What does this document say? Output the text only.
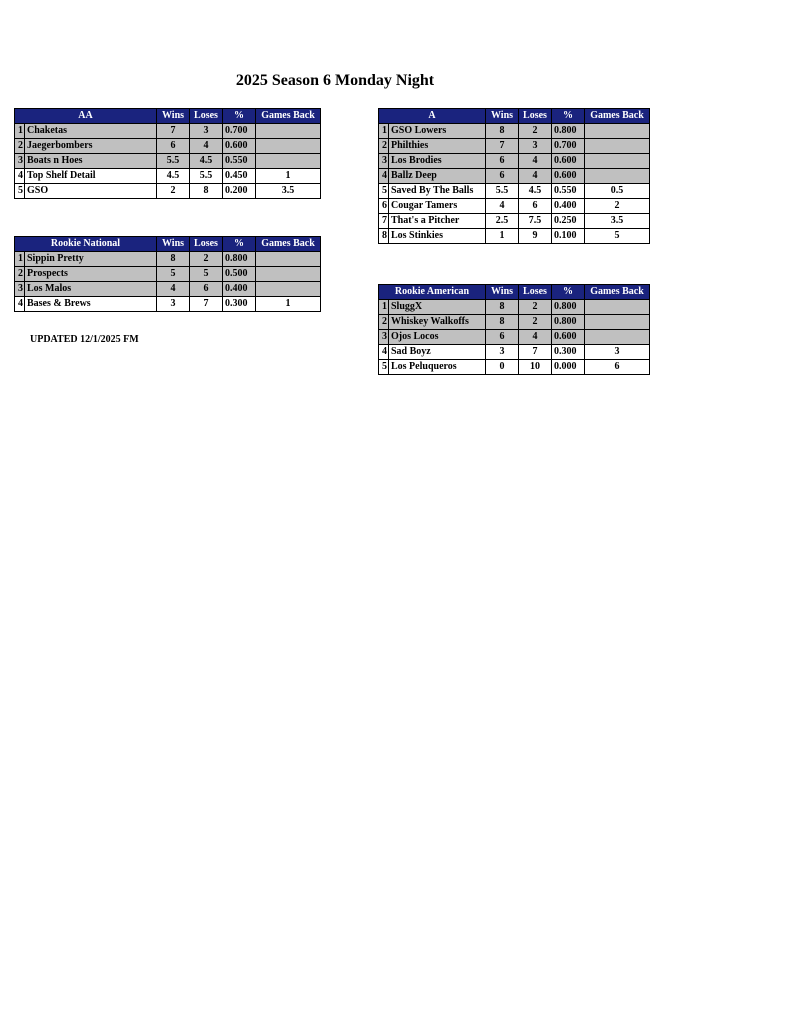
2025 Season 6 Monday Night
AA		Wins	Loses	%	Games Back
1	Chaketas	7	3	0.700	
2	Jaegerbombers	6	4	0.600	
3	Boats n Hoes	5.5	4.5	0.550	
4	Top Shelf Detail	4.5	5.5	0.450	1
5	GSO	2	8	0.200	3.5
A		Wins	Loses	%	Games Back
1	GSO Lowers	8	2	0.800	
2	Philthies	7	3	0.700	
3	Los Brodies	6	4	0.600	
4	Ballz Deep	6	4	0.600	
5	Saved By The Balls	5.5	4.5	0.550	0.5
6	Cougar Tamers	4	6	0.400	2
7	That's a Pitcher	2.5	7.5	0.250	3.5
8	Los Stinkies	1	9	0.100	5
Rookie National		Wins	Loses	%	Games Back
1	Sippin Pretty	8	2	0.800	
2	Prospects	5	5	0.500	
3	Los Malos	4	6	0.400	
4	Bases & Brews	3	7	0.300	1
Rookie American		Wins	Loses	%	Games Back
1	SluggX	8	2	0.800	
2	Whiskey Walkoffs	8	2	0.800	
3	Ojos Locos	6	4	0.600	
4	Sad Boyz	3	7	0.300	3
5	Los Peluqueros	0	10	0.000	6
UPDATED 12/1/2025 FM
